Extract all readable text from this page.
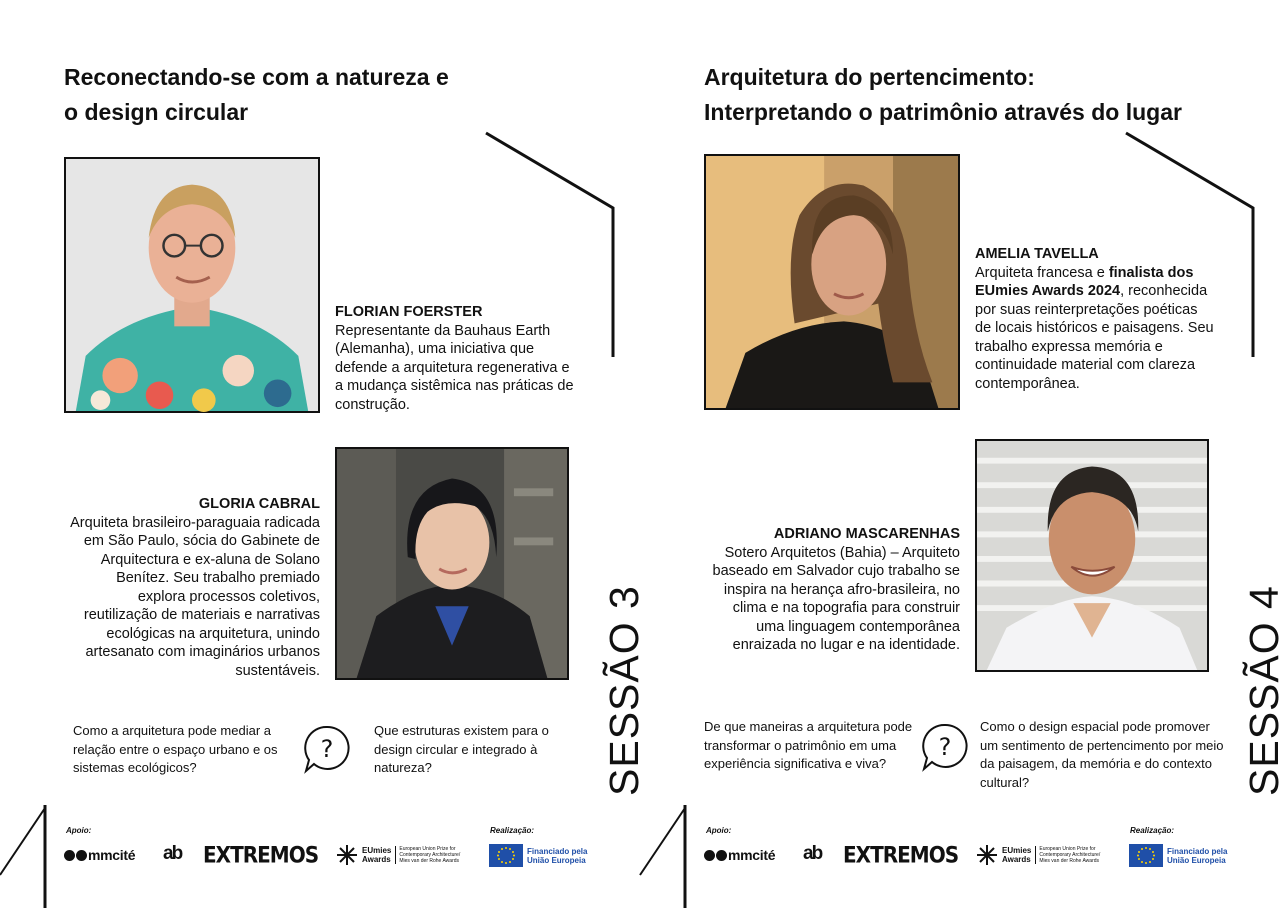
Reconectando-se com a natureza e
o design circular
FLORIAN FOERSTER
Representante da Bauhaus Earth (Alemanha), uma iniciativa que defende a arquitetura regenerativa e a mudança sistêmica nas práticas de construção.
GLORIA CABRAL
Arquiteta brasileiro-paraguaia radicada em São Paulo, sócia do Gabinete de Arquitectura e ex-aluna de Solano Benítez. Seu trabalho premiado explora processos coletivos, reutilização de materiais e narrativas ecológicas na arquitetura, unindo artesanato com imaginários urbanos sustentáveis.
Como a arquitetura pode mediar a relação entre o espaço urbano e os sistemas ecológicos?
?
Que estruturas existem para o design circular e integrado à natureza?	SESSÃO 3
Apoio:	Realização:
mmcité ab EXTREMOS	EUmies
Awards
European Union Prize for Contemporary Architecture/ Mies van der Rohe Awards
Financiado pela
União Europeia
Arquitetura do pertencimento:
Interpretando o patrimônio através do lugar
AMELIA TAVELLA
Arquiteta francesa e finalista dos EUmies Awards 2024, reconhecida por suas reinterpretações poéticas de locais históricos e paisagens. Seu trabalho expressa memória e continuidade material com clareza contemporânea.
ADRIANO MASCARENHAS
Sotero Arquitetos (Bahia) – Arquiteto baseado em Salvador cujo trabalho se inspira na herança afro-brasileira, no clima e na topografia para construir uma linguagem contemporânea enraizada no lugar e na identidade.
De que maneiras a arquitetura pode transformar o patrimônio em uma experiência significativa e viva?
?
Como o design espacial pode promover um sentimento de pertencimento por meio da paisagem, da memória e do contexto cultural?	SESSÃO 4
Apoio:	Realização:
mmcité ab EXTREMOS	EUmies
Awards
European Union Prize for Contemporary Architecture/ Mies van der Rohe Awards
Financiado pela
União Europeia
